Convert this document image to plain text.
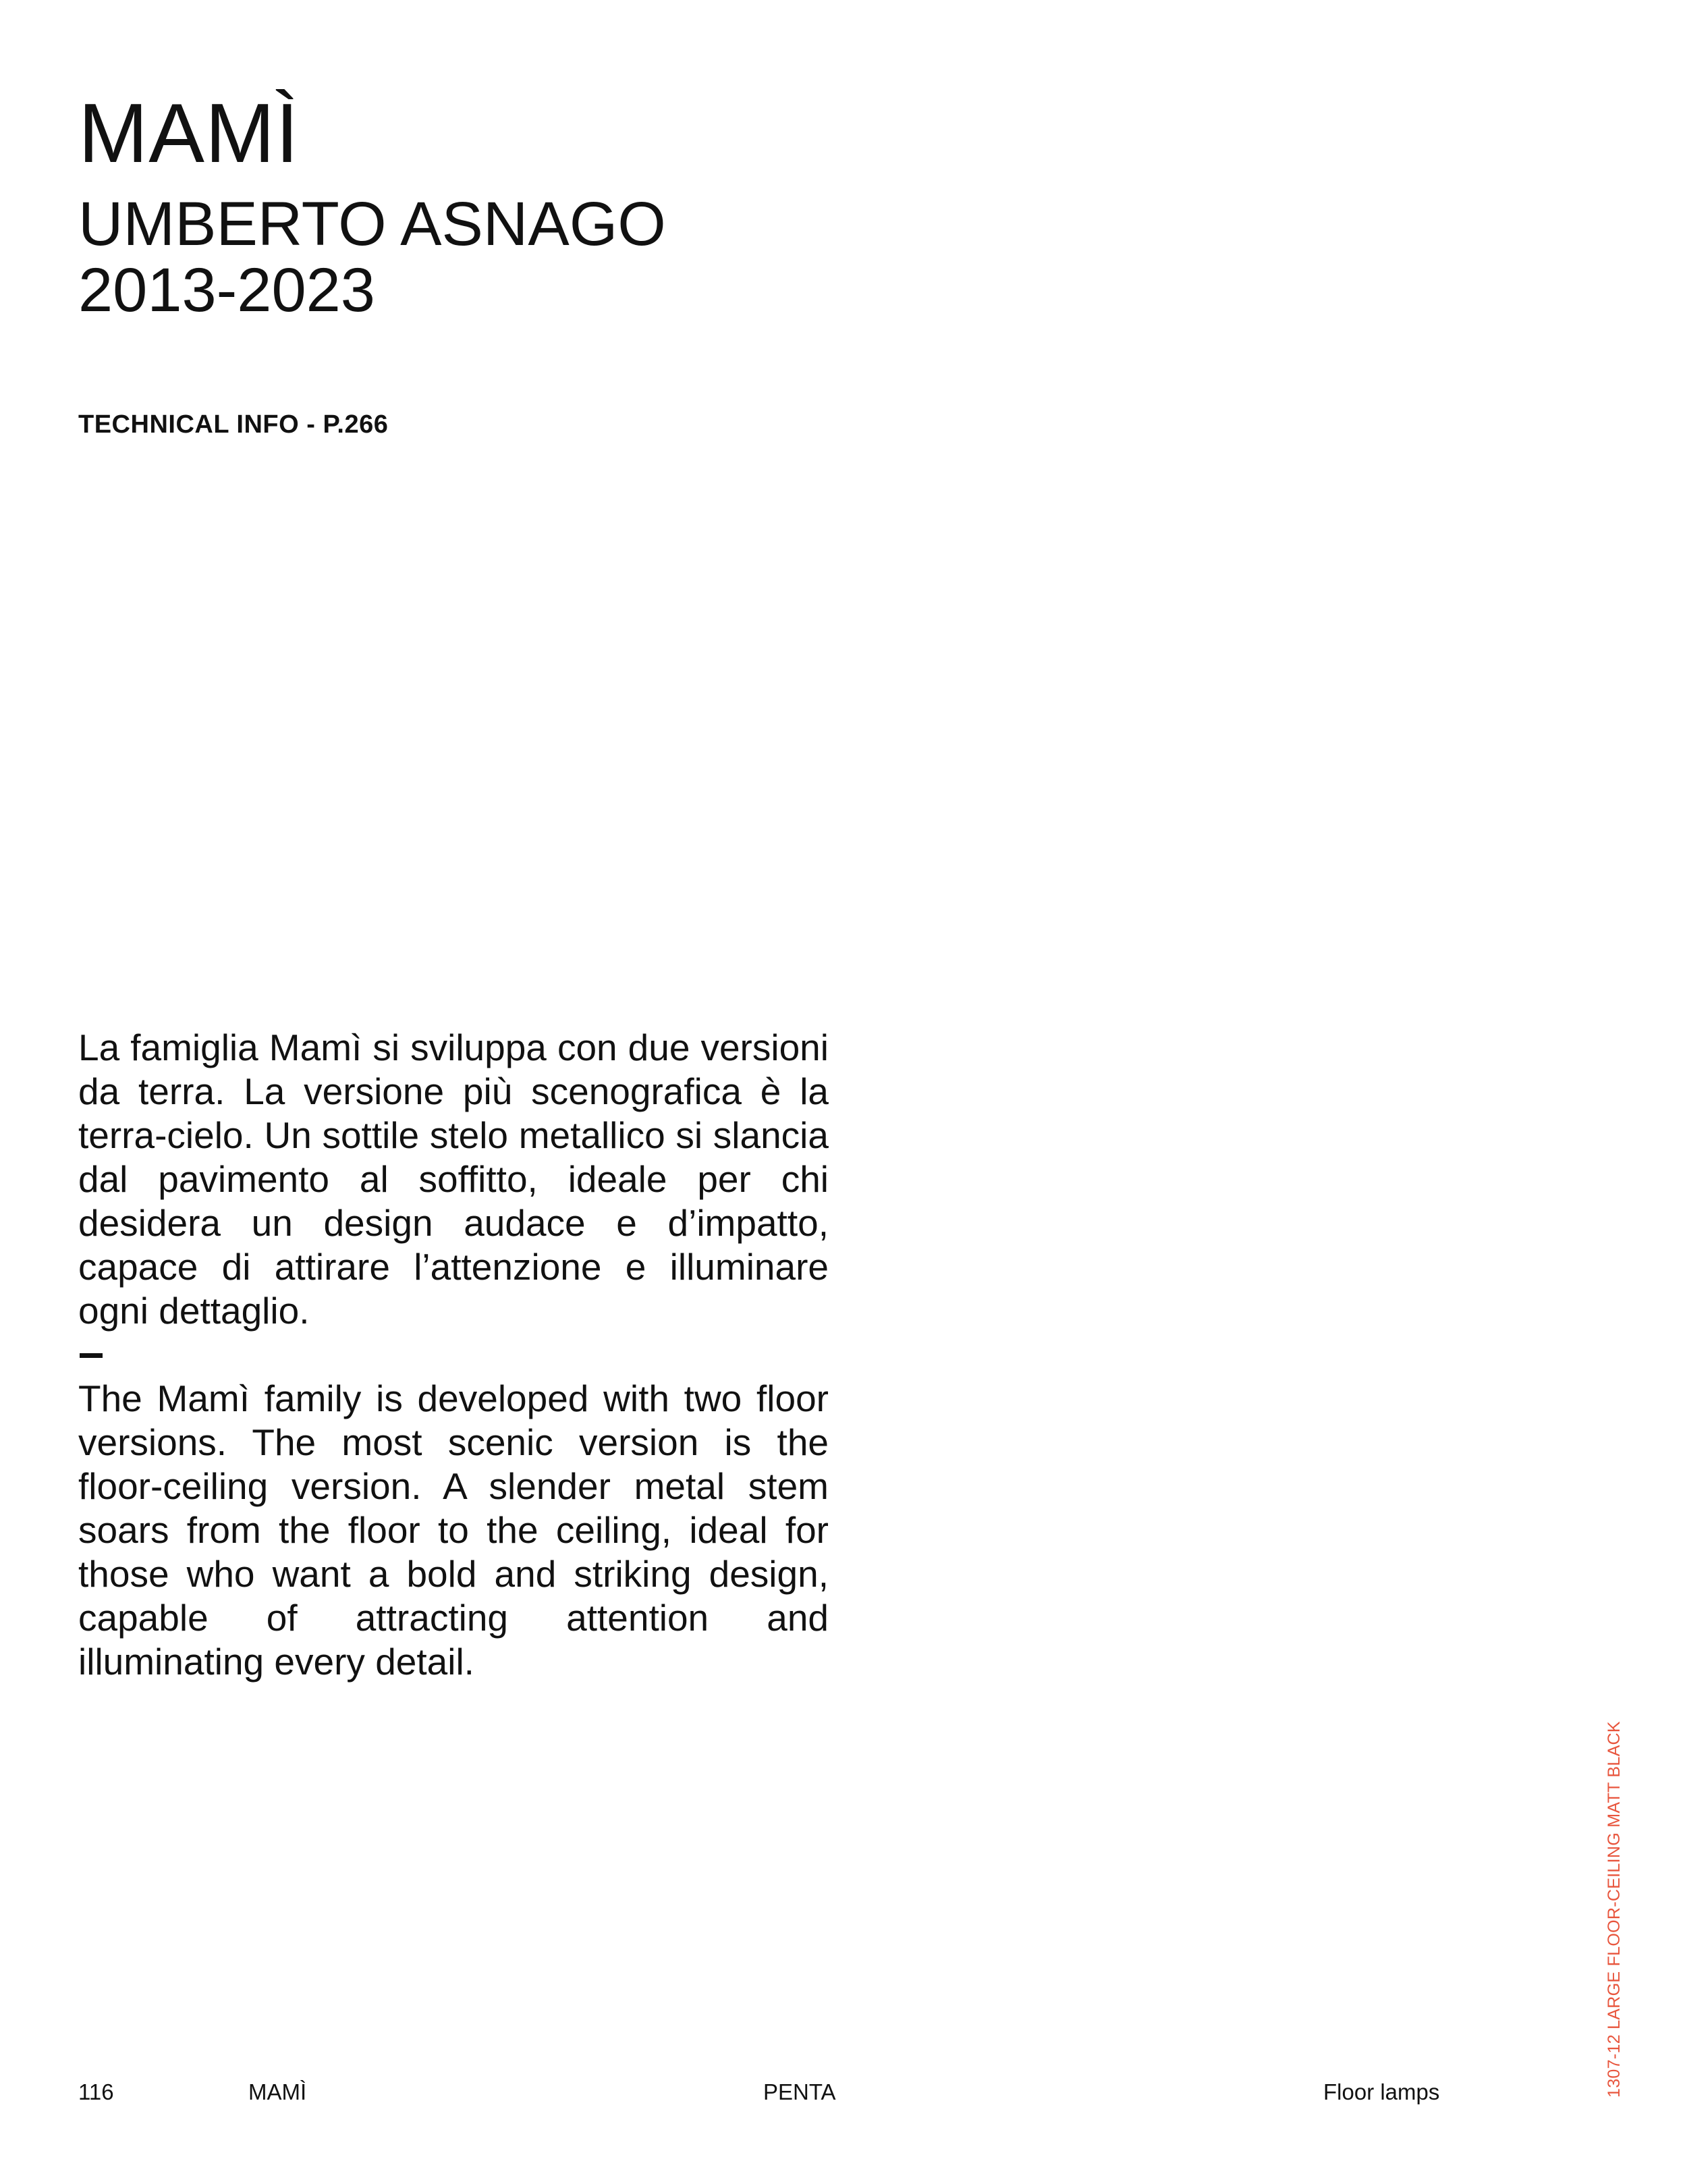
MAMÌ
UMBERTO ASNAGO
2013-2023
TECHNICAL INFO - P.266

La famiglia Mamì si sviluppa con due versioni da terra. La versione più scenografica è la terra-cielo. Un sottile stelo metallico si slancia dal pavimento al soffitto, ideale per chi desidera un design audace e d’impatto, capace di attirare l’attenzione e illuminare ogni dettaglio.

The Mamì family is developed with two floor versions. The most scenic version is the floor-ceiling version. A slender metal stem soars from the floor to the ceiling, ideal for those who want a bold and striking design, capable of attracting attention and illuminating every detail.

1307-12 LARGE FLOOR-CEILING MATT BLACK
116	MAMÌ	PENTA	Floor lamps
